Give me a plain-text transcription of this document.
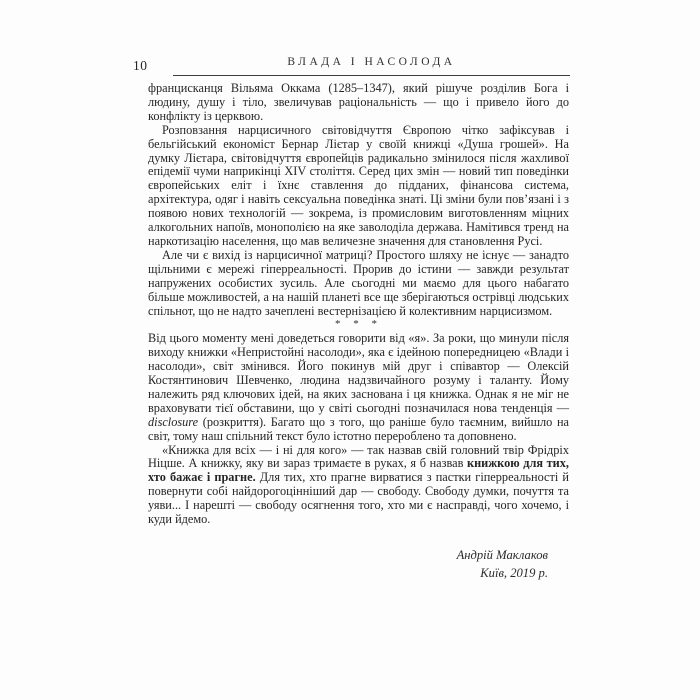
10	ВЛАДА І НАСОЛОДА

францисканця Вільяма Оккама (1285–1347), який рішуче розділив Бога і людину, душу і тіло, звеличував раціональність — що і привело його до конфлікту із церквою.

Розповзання нарцисичного світовідчуття Європою чітко зафіксував і бельгійський економіст Бернар Лієтар у своїй книжці «Душа грошей». На думку Лієтара, світовідчуття європейців радикально змінилося після жахливої епідемії чуми наприкінці XIV століття. Серед цих змін — новий тип поведінки європейських еліт і їхнє ставлення до підданих, фінансова система, архітектура, одяг і навіть сексуальна поведінка знаті. Ці зміни були пов’язані і з появою нових технологій — зокрема, із промисловим виготовленням міцних алкогольних напоїв, монополією на яке заволоділа держава. Намітився тренд на наркотизацію населення, що мав величезне значення для становлення Русі.

Але чи є вихід із нарцисичної матриці? Простого шляху не існує — занадто щільними є мережі гіперреальності. Прорив до істини — завжди результат напружених особистих зусиль. Але сьогодні ми маємо для цього набагато більше можливостей, а на нашій планеті все ще зберігаються острівці людських спільнот, що не надто зачеплені вестернізацією й колективним нарцисизмом.

* * *

Від цього моменту мені доведеться говорити від «я». За роки, що минули після виходу книжки «Непристойні насолоди», яка є ідейною попередницею «Влади і насолоди», світ змінився. Його покинув мій друг і співавтор — Олексій Костянтинович Шевченко, людина надзвичайного розуму і таланту. Йому належить ряд ключових ідей, на яких заснована і ця книжка. Однак я не міг не враховувати тієї обставини, що у світі сьогодні позначилася нова тенденція — disclosure (розкриття). Багато що з того, що раніше було таємним, вийшло на світ, тому наш спільний текст було істотно перероблено та доповнено.

«Книжка для всіх — і ні для кого» — так назвав свій головний твір Фрідріх Ніцше. А книжку, яку ви зараз тримаєте в руках, я б назвав книжкою для тих, хто бажає і прагне. Для тих, хто прагне вирватися з пастки гіперреальності й повернути собі найдорогоцінніший дар — свободу. Свободу думки, почуття та уяви... І нарешті — свободу осягнення того, хто ми є насправді, чого хочемо, і куди йдемо.

Андрій Маклаков
Київ, 2019 р.
